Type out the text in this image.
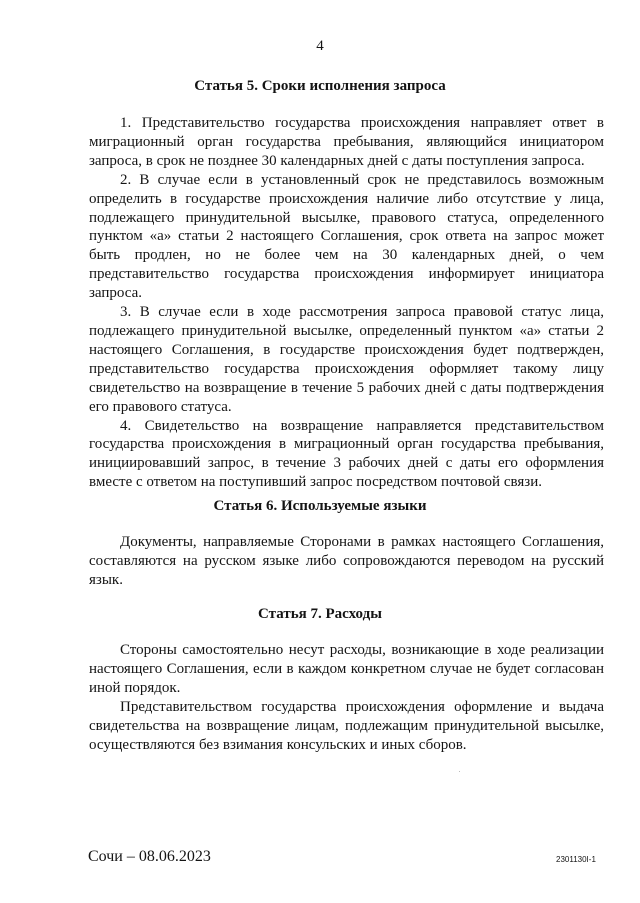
4
Статья 5. Сроки исполнения запроса

1. Представительство государства происхождения направляет ответ в миграционный орган государства пребывания, являющийся инициатором запроса, в срок не позднее 30 календарных дней с даты поступления запроса.

2. В случае если в установленный срок не представилось возможным определить в государстве происхождения наличие либо отсутствие у лица, подлежащего принудительной высылке, правового статуса, определенного пунктом «а» статьи 2 настоящего Соглашения, срок ответа на запрос может быть продлен, но не более чем на 30 календарных дней, о чем представительство государства происхождения информирует инициатора запроса.

3. В случае если в ходе рассмотрения запроса правовой статус лица, подлежащего принудительной высылке, определенный пунктом «а» статьи 2 настоящего Соглашения, в государстве происхождения будет подтвержден, представительство государства происхождения оформляет такому лицу свидетельство на возвращение в течение 5 рабочих дней с даты подтверждения его правового статуса.

4. Свидетельство на возвращение направляется представительством государства происхождения в миграционный орган государства пребывания, инициировавший запрос, в течение 3 рабочих дней с даты его оформления вместе с ответом на поступивший запрос посредством почтовой связи.

Статья 6. Используемые языки

Документы, направляемые Сторонами в рамках настоящего Соглашения, составляются на русском языке либо сопровождаются переводом на русский язык.

Статья 7. Расходы

Стороны самостоятельно несут расходы, возникающие в ходе реализации настоящего Соглашения, если в каждом конкретном случае не будет согласован иной порядок.

Представительством государства происхождения оформление и выдача свидетельства на возвращение лицам, подлежащим принудительной высылке, осуществляются без взимания консульских и иных сборов.

Сочи – 08.06.2023	2301130I-1
